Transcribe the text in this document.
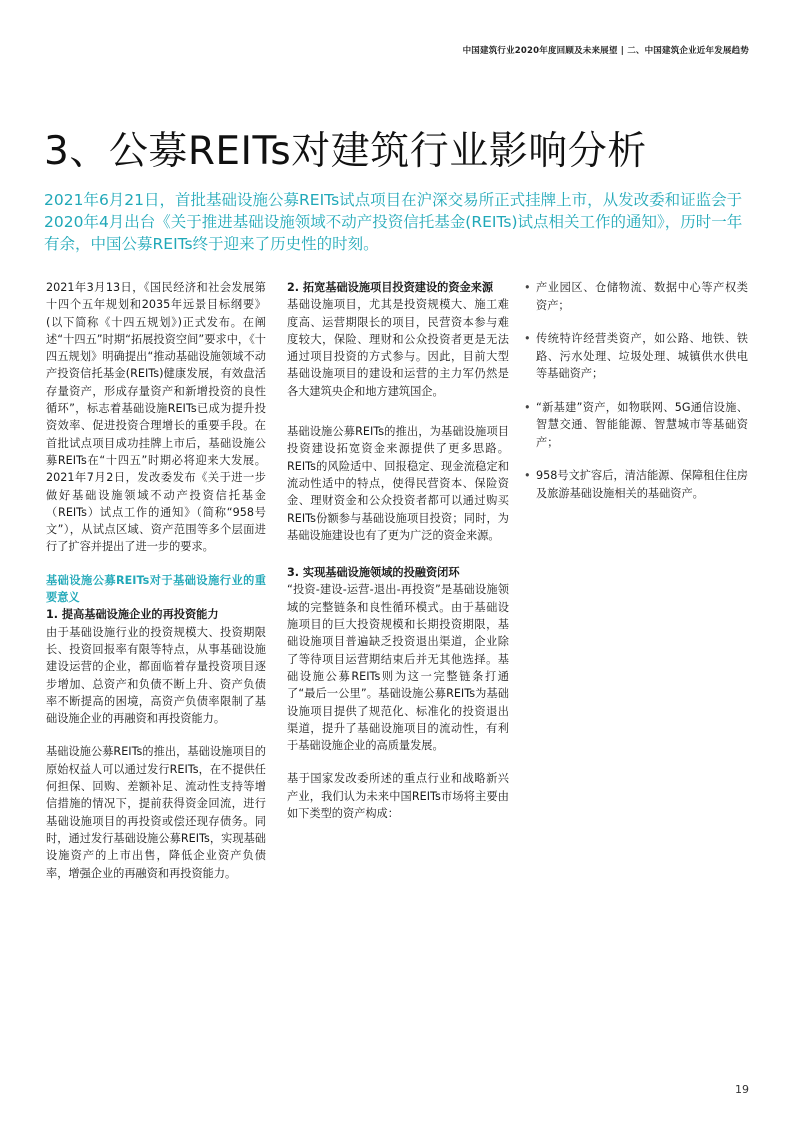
中国建筑行业2020年度回顾及未来展望 | 二、中国建筑企业近年发展趋势
3、公募REITs对建筑行业影响分析
2021年6月21日，首批基础设施公募REITs试点项目在沪深交易所正式挂牌上市，从发改委和证监会于2020年4月出台《关于推进基础设施领域不动产投资信托基金(REITs)试点相关工作的通知》，历时一年有余，中国公募REITs终于迎来了历史性的时刻。

2021年3月13日，《国民经济和社会发展第十四个五年规划和2035年远景目标纲要》(以下简称《十四五规划》)正式发布。在阐述“十四五”时期“拓展投资空间”要求中，《十四五规划》明确提出“推动基础设施领域不动产投资信托基金(REITs)健康发展，有效盘活存量资产，形成存量资产和新增投资的良性循环”，标志着基础设施REITs已成为提升投资效率、促进投资合理增长的重要手段。在首批试点项目成功挂牌上市后，基础设施公募REITs在“十四五”时期必将迎来大发展。2021年7月2日，发改委发布《关于进一步做好基础设施领域不动产投资信托基金（REITs）试点工作的通知》（简称“958号文”），从试点区域、资产范围等多个层面进行了扩容并提出了进一步的要求。

基础设施公募REITs对于基础设施行业的重要意义

1. 提高基础设施企业的再投资能力

由于基础设施行业的投资规模大、投资期限长、投资回报率有限等特点，从事基础设施建设运营的企业，都面临着存量投资项目逐步增加、总资产和负债不断上升、资产负债率不断提高的困境，高资产负债率限制了基础设施企业的再融资和再投资能力。

基础设施公募REITs的推出，基础设施项目的原始权益人可以通过发行REITs，在不提供任何担保、回购、差额补足、流动性支持等增信措施的情况下，提前获得资金回流，进行基础设施项目的再投资或偿还现存债务。同时，通过发行基础设施公募REITs，实现基础设施资产的上市出售，降低企业资产负债率，增强企业的再融资和再投资能力。

2. 拓宽基础设施项目投资建设的资金来源

基础设施项目，尤其是投资规模大、施工难度高、运营期限长的项目，民营资本参与难度较大，保险、理财和公众投资者更是无法通过项目投资的方式参与。因此，目前大型基础设施项目的建设和运营的主力军仍然是各大建筑央企和地方建筑国企。

基础设施公募REITs的推出，为基础设施项目投资建设拓宽资金来源提供了更多思路。REITs的风险适中、回报稳定、现金流稳定和流动性适中的特点，使得民营资本、保险资金、理财资金和公众投资者都可以通过购买REITs份额参与基础设施项目投资；同时，为基础设施建设也有了更为广泛的资金来源。

3. 实现基础设施领域的投融资闭环

“投资-建设-运营-退出-再投资”是基础设施领域的完整链条和良性循环模式。由于基础设施项目的巨大投资规模和长期投资期限，基础设施项目普遍缺乏投资退出渠道，企业除了等待项目运营期结束后并无其他选择。基础设施公募REITs则为这一完整链条打通了“最后一公里”。基础设施公募REITs为基础设施项目提供了规范化、标准化的投资退出渠道，提升了基础设施项目的流动性，有利于基础设施企业的高质量发展。

基于国家发改委所述的重点行业和战略新兴产业，我们认为未来中国REITs市场将主要由如下类型的资产构成：

• 产业园区、仓储物流、数据中心等产权类资产；
• 传统特许经营类资产，如公路、地铁、铁路、污水处理、垃圾处理、城镇供水供电等基础资产；
• “新基建”资产，如物联网、5G通信设施、智慧交通、智能能源、智慧城市等基础资产；
• 958号文扩容后，清洁能源、保障租住住房及旅游基础设施相关的基础资产。
19
